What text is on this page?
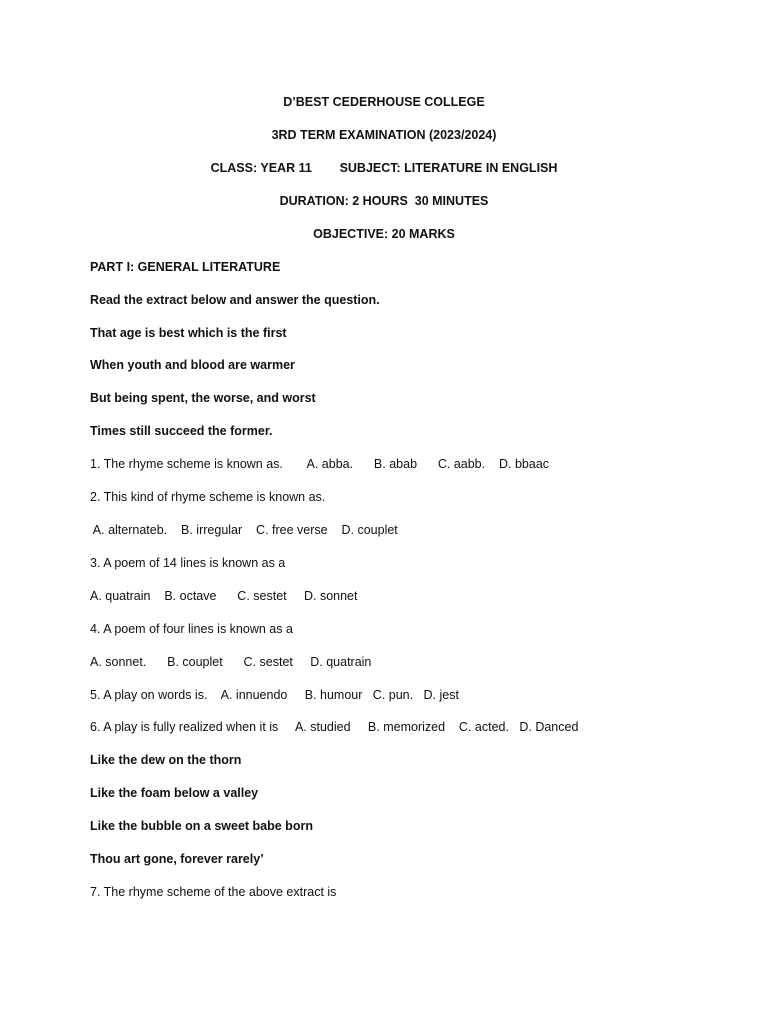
D’BEST CEDERHOUSE COLLEGE
3RD TERM EXAMINATION (2023/2024)
CLASS: YEAR 11        SUBJECT: LITERATURE IN ENGLISH
DURATION: 2 HOURS  30 MINUTES
OBJECTIVE: 20 MARKS
PART I: GENERAL LITERATURE
Read the extract below and answer the question.
That age is best which is the first
When youth and blood are warmer
But being spent, the worse, and worst
Times still succeed the former.
1. The rhyme scheme is known as.       A. abba.      B. abab      C. aabb.    D. bbaac
2. This kind of rhyme scheme is known as.
A. alternateb.    B. irregular    C. free verse    D. couplet
3. A poem of 14 lines is known as a
A. quatrain    B. octave      C. sestet     D. sonnet
4. A poem of four lines is known as a
A. sonnet.      B. couplet      C. sestet     D. quatrain
5. A play on words is.    A. innuendo     B. humour   C. pun.   D. jest
6. A play is fully realized when it is     A. studied     B. memorized    C. acted.   D. Danced
Like the dew on the thorn
Like the foam below a valley
Like the bubble on a sweet babe born
Thou art gone, forever rarely’
7. The rhyme scheme of the above extract is
